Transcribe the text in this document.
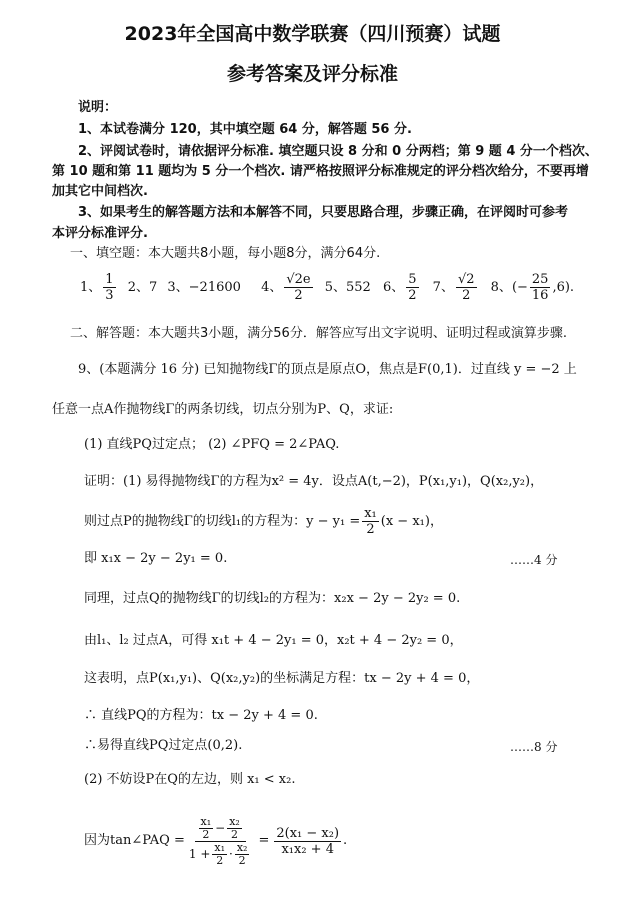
2023年全国高中数学联赛（四川预赛）试题
参考答案及评分标准
说明：
1、本试卷满分 120，其中填空题 64 分，解答题 56 分.
2、评阅试卷时，请依据评分标准. 填空题只设 8 分和 0 分两档；第 9 题 4 分一个档次、
第 10 题和第 11 题均为 5 分一个档次. 请严格按照评分标准规定的评分档次给分，不要再增
加其它中间档次.
3、如果考生的解答题方法和本解答不同，只要思路合理，步骤正确，在评阅时可参考
本评分标准评分.
一、填空题：本大题共8小题，每小题8分，满分64分.
1、 $\frac{1}{3} 2$、7 3、−21600 4、 $\frac{√2e}{2} 5$、552 6、 $\frac{5}{2} 7$、 $\frac{√2}{2} 8$、(− $\frac{25}{16} ,6$).
二、解答题：本大题共3小题，满分56分．解答应写出文字说明、证明过程或演算步骤.
9、(本题满分 16 分) 已知抛物线Γ的顶点是原点O，焦点是F(0,1)．过直线 y = −2 上
任意一点A作抛物线Γ的两条切线，切点分别为P、Q，求证:
(1) 直线PQ过定点； (2) ∠PFQ = 2∠PAQ.
证明：(1) 易得抛物线Γ的方程为x² = 4y．设点A(t,−2)，P(x₁,y₁)，Q(x₂,y₂)，
则过点P的抛物线Γ的切线l₁的方程为：$y - y_1 = \frac{\text{x₁}}{2} (x - x_1)$，
即 x₁x − 2y − 2y₁ = 0.	……4 分
同理，过点Q的抛物线Γ的切线l₂的方程为：x₂x − 2y − 2y₂ = 0.
由l₁、l₂ 过点A，可得 x₁t + 4 − 2y₁ = 0，x₂t + 4 − 2y₂ = 0，
这表明，点P(x₁,y₁)、Q(x₂,y₂)的坐标满足方程：tx − 2y + 4 = 0，
∴ 直线PQ的方程为：tx − 2y + 4 = 0.
∴易得直线PQ过定点(0,2).	……8 分
(2) 不妨设P在Q的左边，则 x₁ < x₂.
因为tan∠PAQ = $\frac{\frac{\text{x₁}}{2} - \frac{\text{x₂}}{2}}{1 + \frac{\text{x₁}}{2} \cdot \frac{\text{x₂}}{2}} = \frac{\text{2(x₁ − x₂)}}{\text{x₁x₂ + 4}}$ .
